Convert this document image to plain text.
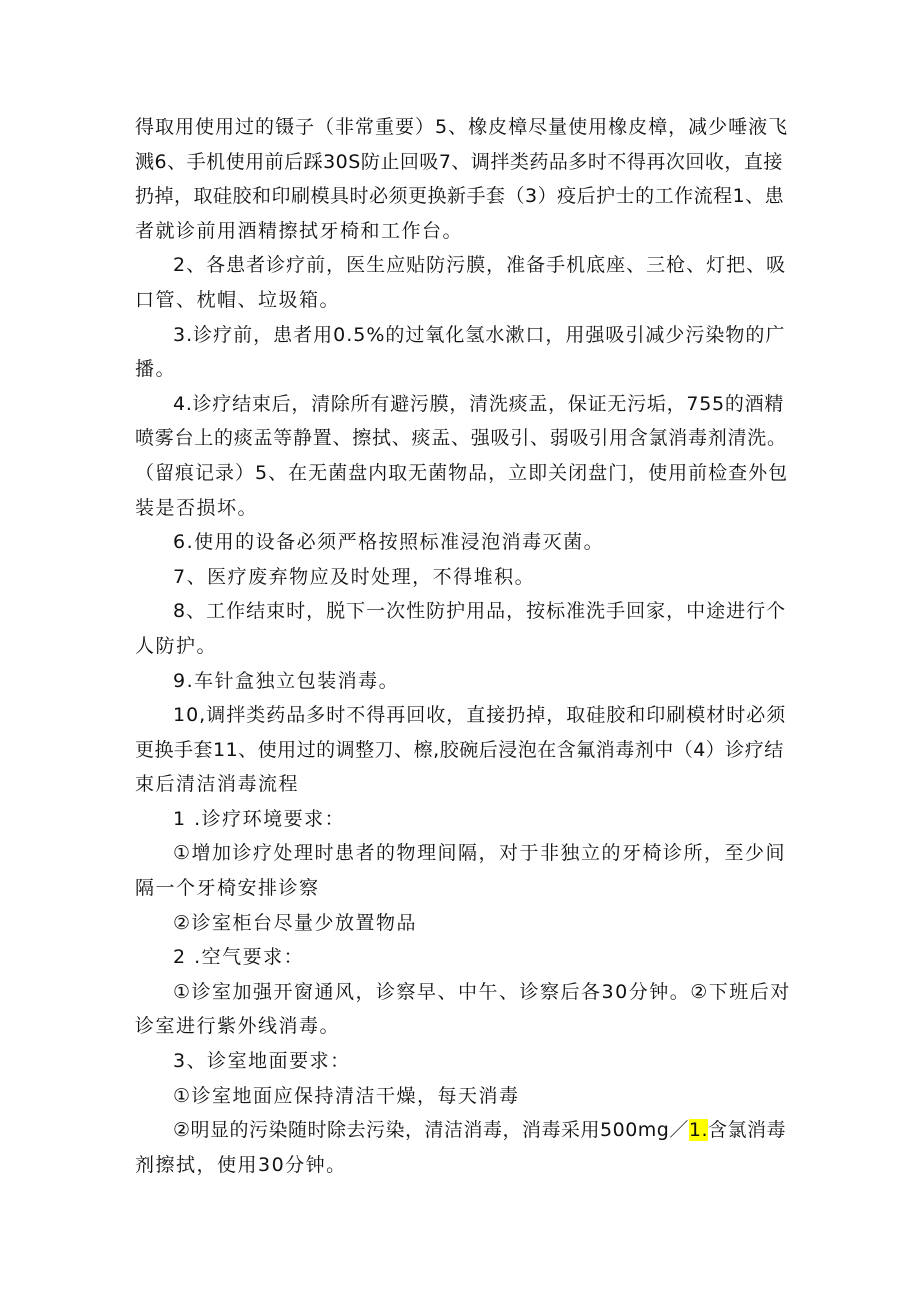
得取用使用过的镊子（非常重要）5、橡皮樟尽量使用橡皮樟，减少唾液飞
溅6、手机使用前后踩30S防止回吸7、调拌类药品多时不得再次回收，直接
扔掉，取硅胶和印刷模具时必须更换新手套（3）疫后护士的工作流程1、患
者就诊前用酒精擦拭牙椅和工作台。
2、各患者诊疗前，医生应贴防污膜，准备手机底座、三枪、灯把、吸
口管、枕帽、垃圾箱。
3.诊疗前，患者用0.5%的过氧化氢水漱口，用强吸引减少污染物的广
播。
4.诊疗结束后，清除所有避污膜，清洗痰盂，保证无污垢，755的酒精
喷雾台上的痰盂等静置、擦拭、痰盂、强吸引、弱吸引用含氯消毒剂清洗。
（留痕记录）5、在无菌盘内取无菌物品，立即关闭盘门，使用前检查外包
装是否损坏。
6.使用的设备必须严格按照标准浸泡消毒灭菌。
7、医疗废弃物应及时处理，不得堆积。
8、工作结束时，脱下一次性防护用品，按标准洗手回家，中途进行个
人防护。
9.车针盒独立包装消毒。
10,调拌类药品多时不得再回收，直接扔掉，取硅胶和印刷模材时必须
更换手套11、使用过的调整刀、檫,胶碗后浸泡在含氟消毒剂中（4）诊疗结
束后清洁消毒流程
1 .诊疗环境要求：
①增加诊疗处理时患者的物理间隔，对于非独立的牙椅诊所，至少间
隔一个牙椅安排诊察
②诊室柜台尽量少放置物品
2 .空气要求：
①诊室加强开窗通风，诊察早、中午、诊察后各30分钟。②下班后对
诊室进行紫外线消毒。
3、诊室地面要求：
①诊室地面应保持清洁干燥，每天消毒
②明显的污染随时除去污染，清洁消毒，消毒采用500mg／1.含氯消毒
剂擦拭，使用30分钟。
